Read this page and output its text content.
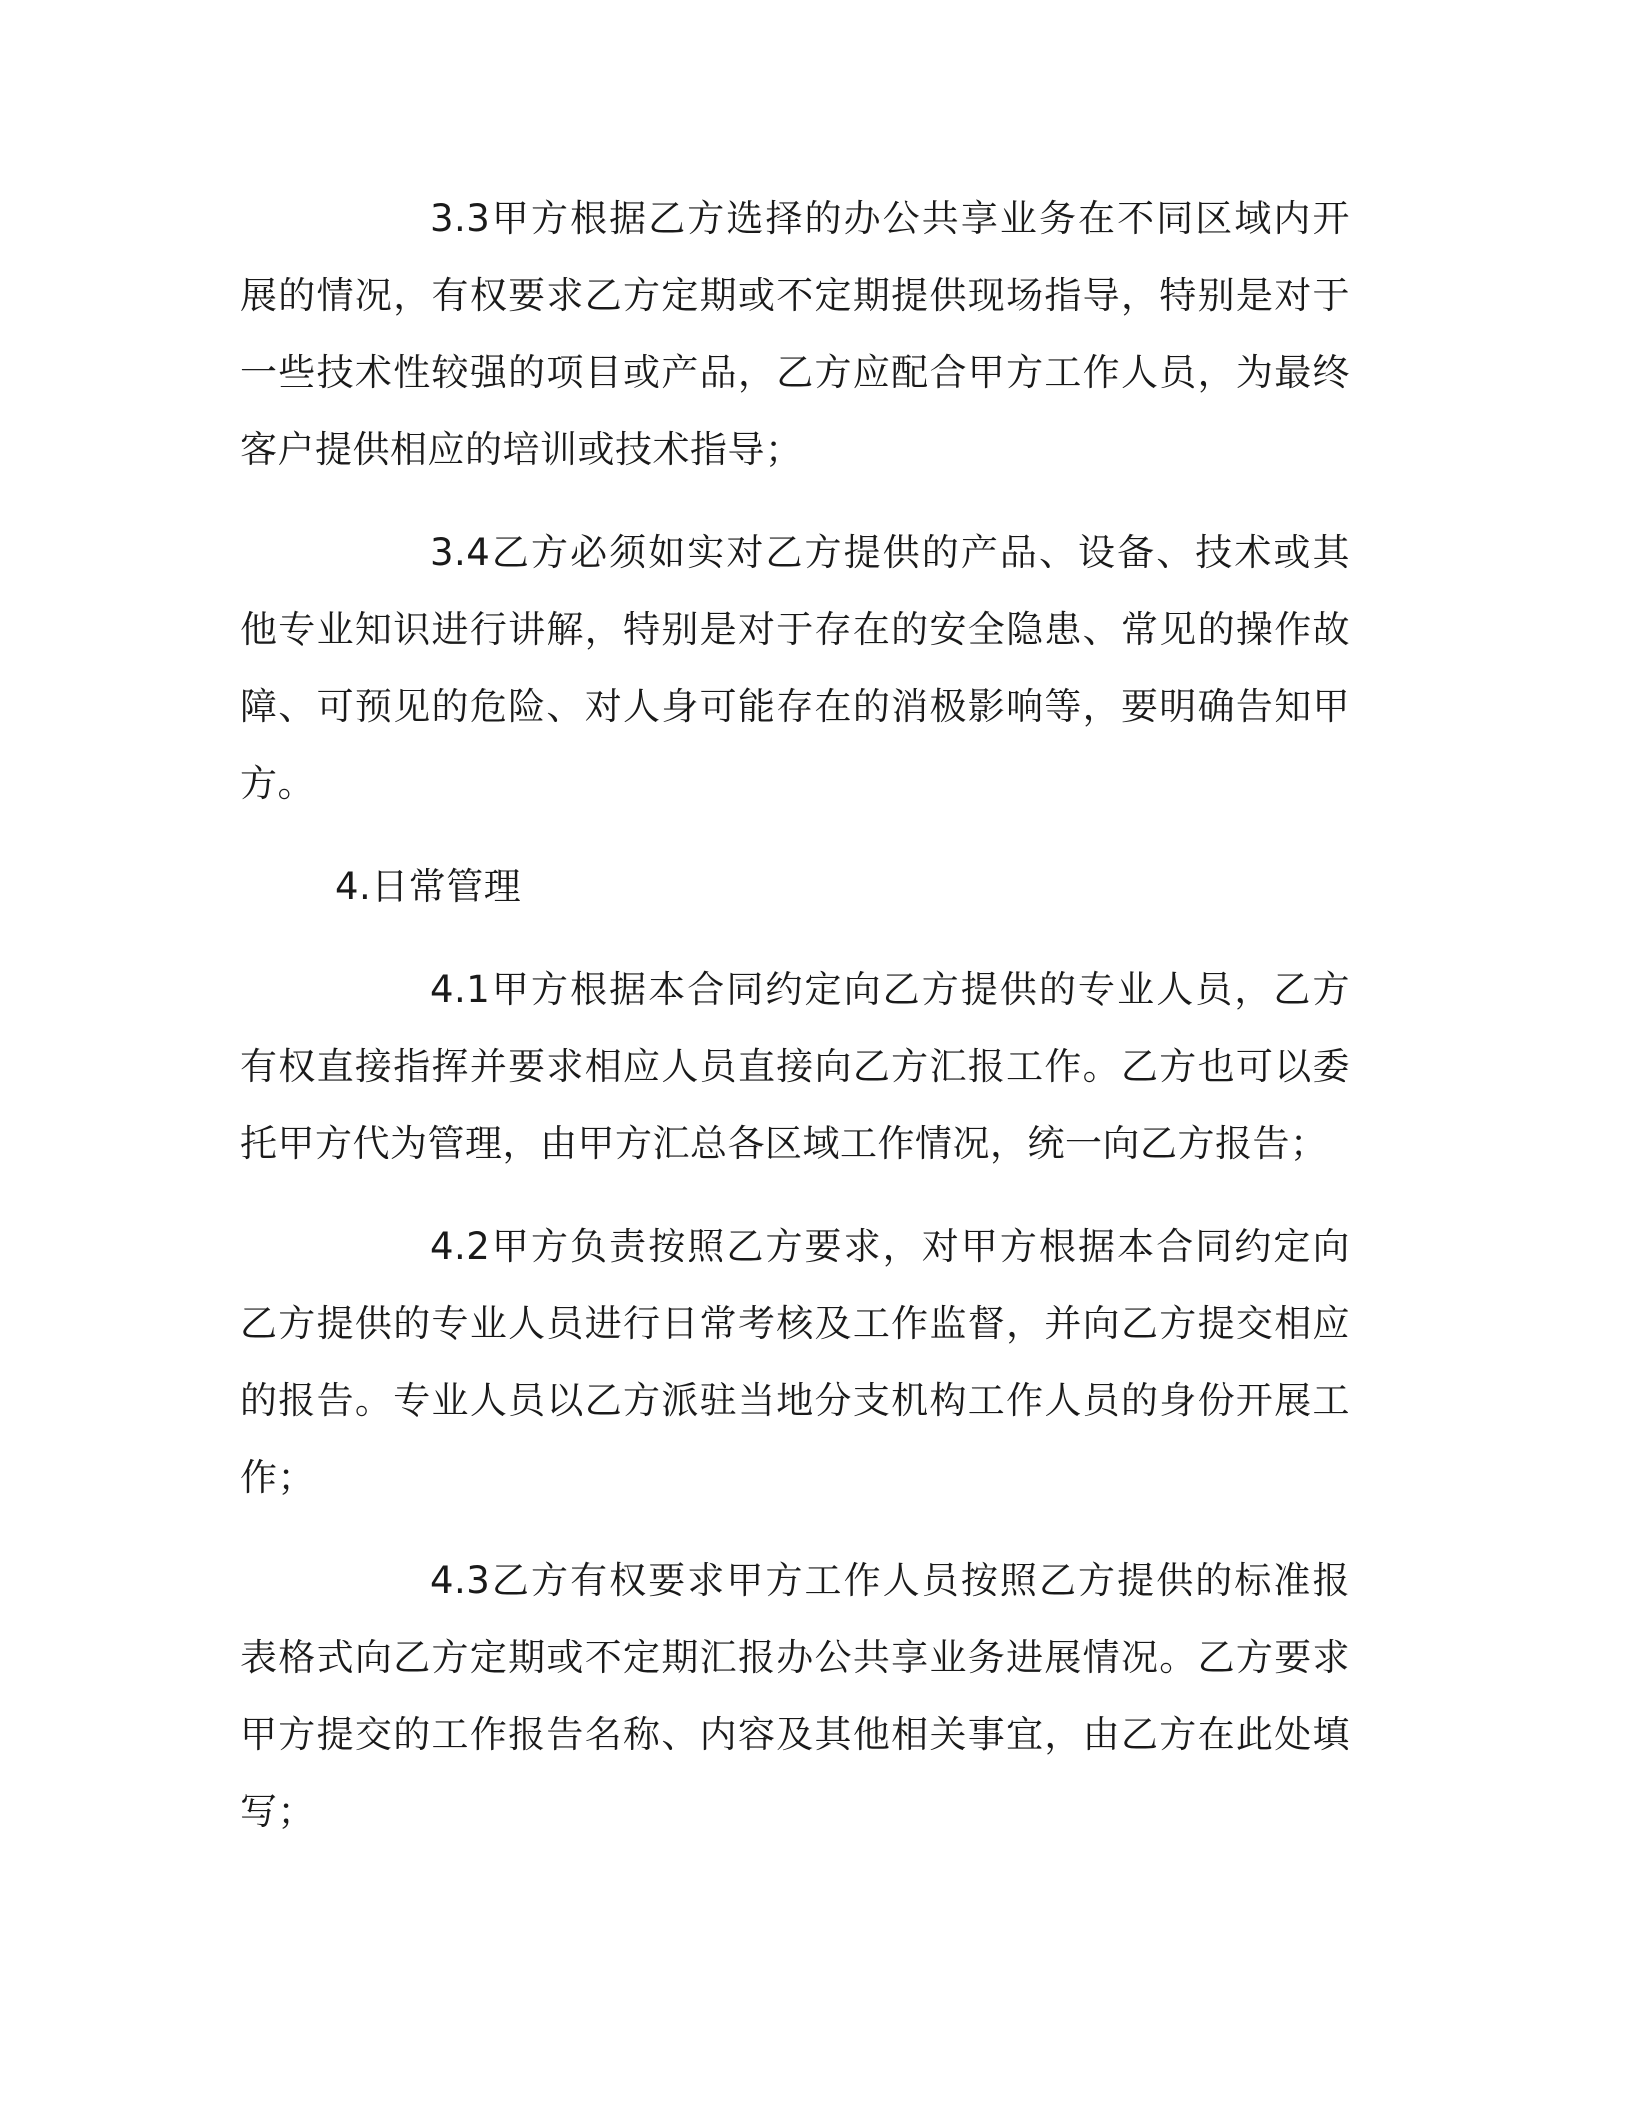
3.3甲方根据乙方选择的办公共享业务在不同区域内开展的情况，有权要求乙方定期或不定期提供现场指导，特别是对于一些技术性较强的项目或产品，乙方应配合甲方工作人员，为最终客户提供相应的培训或技术指导；

3.4乙方必须如实对乙方提供的产品、设备、技术或其他专业知识进行讲解，特别是对于存在的安全隐患、常见的操作故障、可预见的危险、对人身可能存在的消极影响等，要明确告知甲方。

4.日常管理

4.1甲方根据本合同约定向乙方提供的专业人员，乙方有权直接指挥并要求相应人员直接向乙方汇报工作。乙方也可以委托甲方代为管理，由甲方汇总各区域工作情况，统一向乙方报告；

4.2甲方负责按照乙方要求，对甲方根据本合同约定向乙方提供的专业人员进行日常考核及工作监督，并向乙方提交相应的报告。专业人员以乙方派驻当地分支机构工作人员的身份开展工作；

4.3乙方有权要求甲方工作人员按照乙方提供的标准报表格式向乙方定期或不定期汇报办公共享业务进展情况。乙方要求甲方提交的工作报告名称、内容及其他相关事宜，由乙方在此处填写；
